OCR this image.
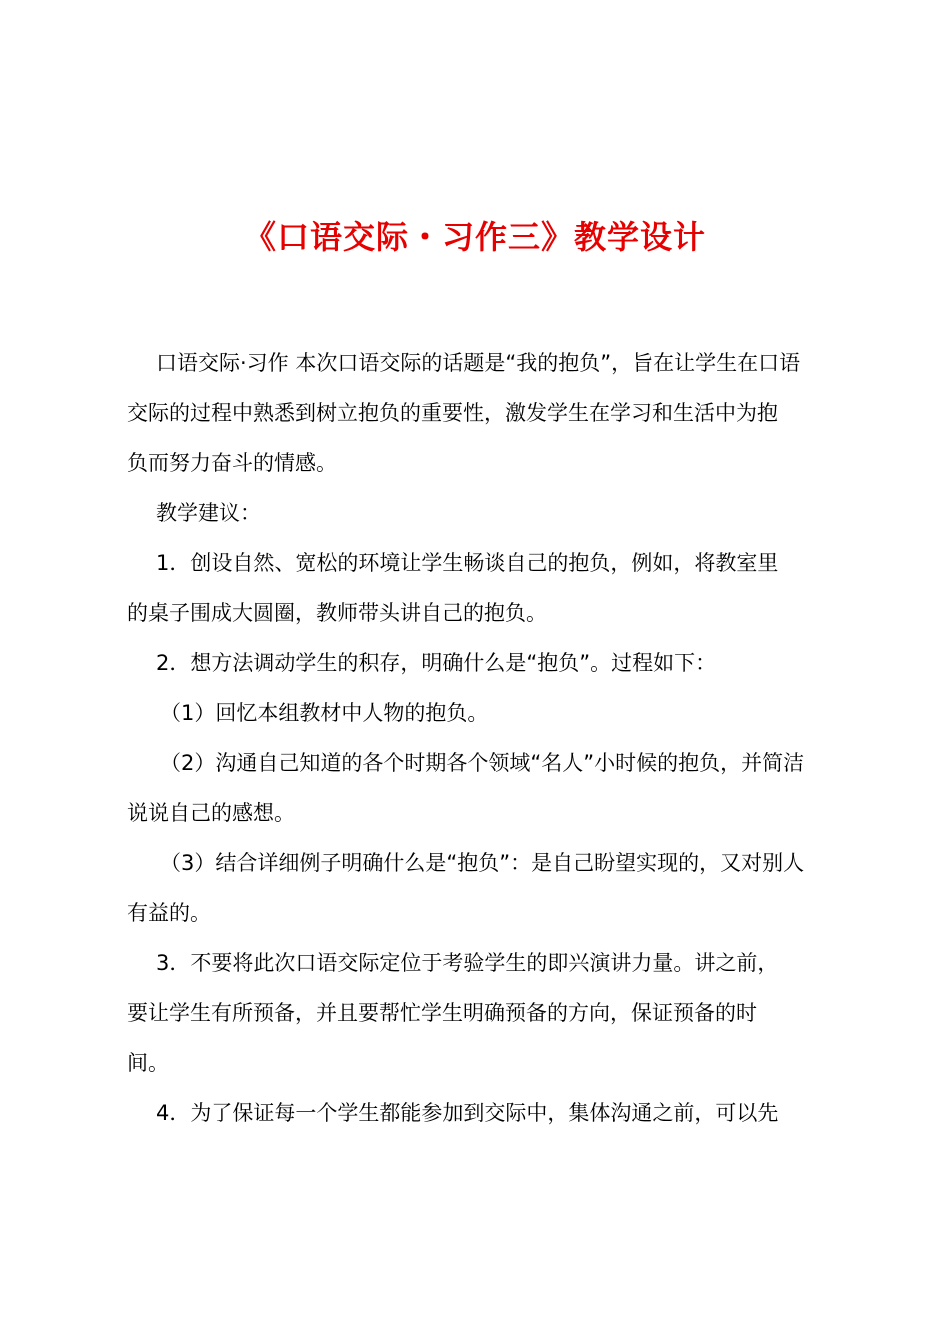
《口语交际・习作三》教学设计
口语交际·习作 本次口语交际的话题是“我的抱负”，旨在让学生在口语
交际的过程中熟悉到树立抱负的重要性，激发学生在学习和生活中为抱
负而努力奋斗的情感。
教学建议：
1．创设自然、宽松的环境让学生畅谈自己的抱负，例如，将教室里
的桌子围成大圆圈，教师带头讲自己的抱负。
2．想方法调动学生的积存，明确什么是“抱负”。过程如下：
（1）回忆本组教材中人物的抱负。
（2）沟通自己知道的各个时期各个领域“名人”小时候的抱负，并简洁
说说自己的感想。
（3）结合详细例子明确什么是“抱负”：是自己盼望实现的，又对别人
有益的。
3．不要将此次口语交际定位于考验学生的即兴演讲力量。讲之前，
要让学生有所预备，并且要帮忙学生明确预备的方向，保证预备的时
间。
4．为了保证每一个学生都能参加到交际中，集体沟通之前，可以先
